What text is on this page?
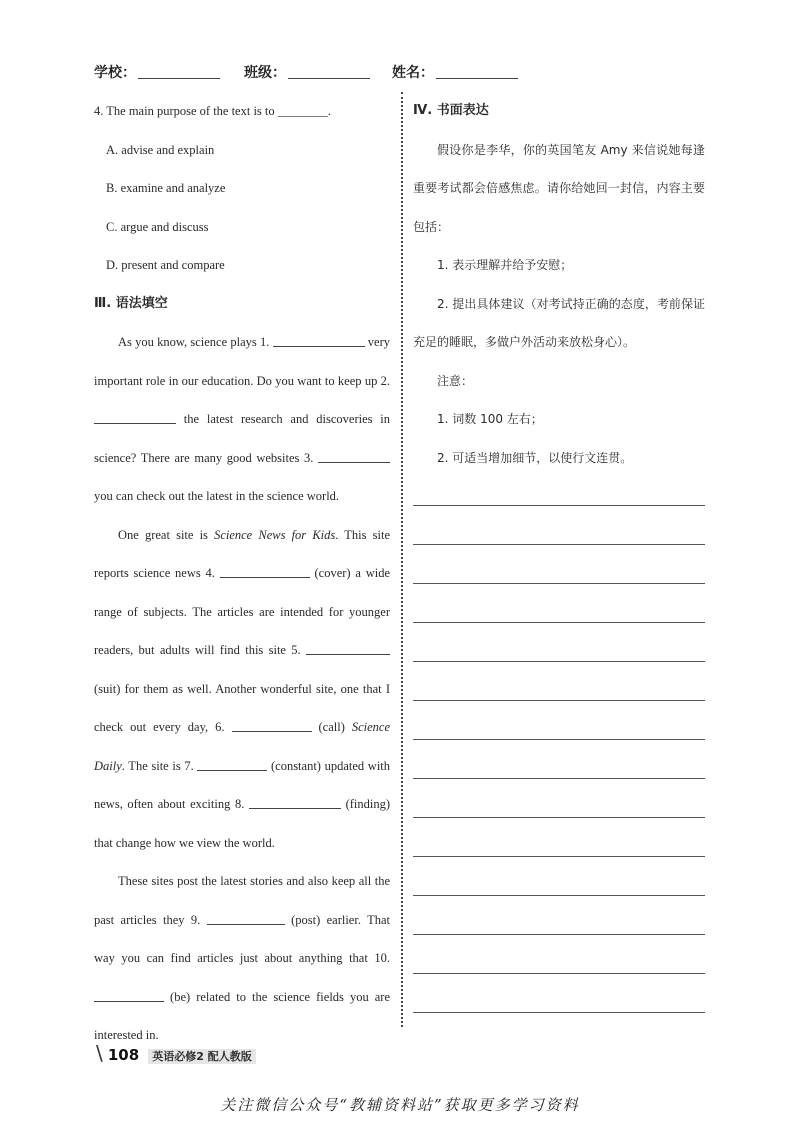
学校：	班级：	姓名：

4. The main purpose of the text is to ________.

A. advise and explain

B. examine and analyze

C. argue and discuss

D. present and compare

Ⅲ. 语法填空

As you know, science plays 1.	very important role in our education. Do you want to keep up 2.  the latest research and discoveries in science? There are many good websites 3.  you can check out the latest in the science world.

One great site is Science News for Kids. This site reports science news 4.	(cover) a wide range of subjects. The articles are intended for younger readers, but adults will find this site 5.  (suit) for them as well. Another wonderful site, one that I check out every day, 6.	(call) Science Daily. The site is 7.	(constant) updated with news, often about exciting 8.	(finding) that change how we view the world.

These sites post the latest stories and also keep all the past articles they 9.	(post) earlier. That way you can find articles just about anything that 10.  (be) related to the science fields you are interested in.

Ⅳ. 书面表达

假设你是李华，你的英国笔友 Amy 来信说她每逢重要考试都会倍感焦虑。请你给她回一封信，内容主要包括：

1. 表示理解并给予安慰；

2. 提出具体建议（对考试持正确的态度，考前保证充足的睡眠，多做户外活动来放松身心）。

注意：

1. 词数 100 左右；

2. 可适当增加细节，以使行文连贯。

\ 108 英语必修2 配人教版
关注微信公众号“教辅资料站”获取更多学习资料
